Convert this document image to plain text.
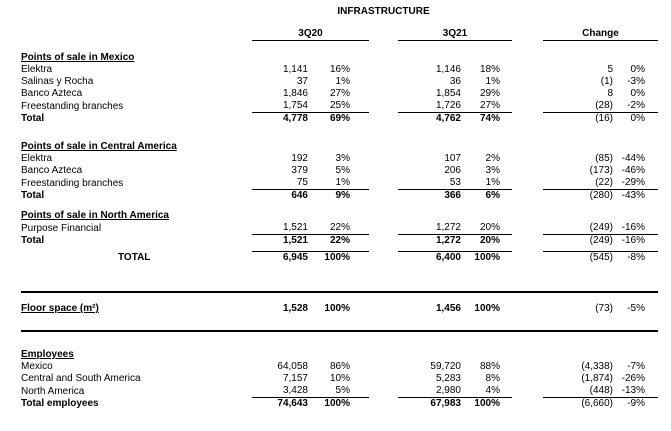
INFRASTRUCTURE
	3Q20			3Q21			Change	

Points of sale in Mexico								
Elektra	1,141	16%		1,146	18%		5	0%
Salinas y Rocha	37	1%		36	1%		(1)	-3%
Banco Azteca	1,846	27%		1,854	29%		8	0%
Freestanding branches	1,754	25%		1,726	27%		(28)	-2%
Total	4,778	69%		4,762	74%		(16)	0%

Points of sale in Central America								
Elektra	192	3%		107	2%		(85)	-44%
Banco Azteca	379	5%		206	3%		(173)	-46%
Freestanding branches	75	1%		53	1%		(22)	-29%
Total	646	9%		366	6%		(280)	-43%

Points of sale in North America								
Purpose Financial	1,521	22%		1,272	20%		(249)	-16%
Total	1,521	22%		1,272	20%		(249)	-16%

TOTAL	6,945	100%		6,400	100%		(545)	-8%

Floor space (m²)	1,528	100%		1,456	100%		(73)	-5%

Employees								
Mexico	64,058	86%		59,720	88%		(4,338)	-7%
Central and South America	7,157	10%		5,283	8%		(1,874)	-26%
North America	3,428	5%		2,980	4%		(448)	-13%
Total employees	74,643	100%		67,983	100%		(6,660)	-9%
